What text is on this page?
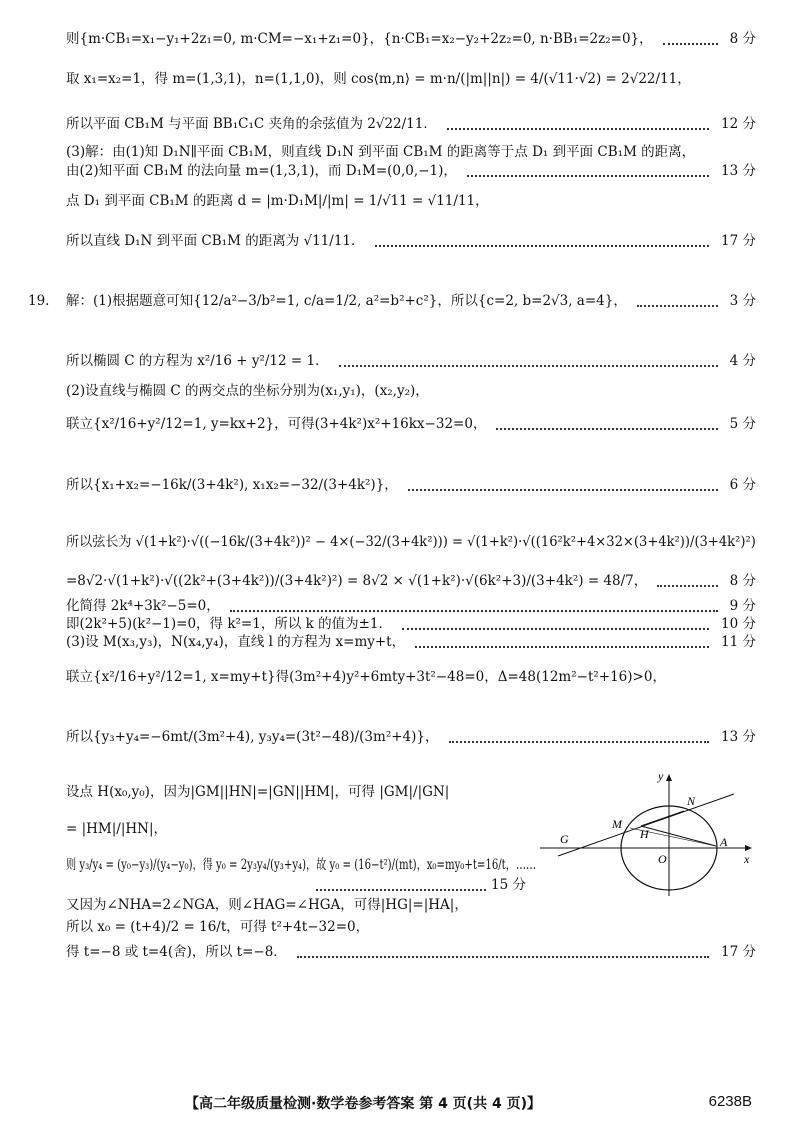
则{m·CB₁=x₁−y₁+2z₁=0, m·CM=−x₁+z₁=0}，{n·CB₁=x₂−y₂+2z₂=0, n·BB₁=2z₂=0}，	8 分
取 x₁=x₂=1，得 m=(1,3,1)，n=(1,1,0)，则 cos⟨m,n⟩ = m·n/(|m||n|) = 4/(√11·√2) = 2√22/11，
所以平面 CB₁M 与平面 BB₁C₁C 夹角的余弦值为 2√22/11．	12 分
(3)解：由(1)知 D₁N∥平面 CB₁M，则直线 D₁N 到平面 CB₁M 的距离等于点 D₁ 到平面 CB₁M 的距离，
由(2)知平面 CB₁M 的法向量 m=(1,3,1)，而 D₁M=(0,0,−1)，	13 分
点 D₁ 到平面 CB₁M 的距离 d = |m·D₁M|/|m| = 1/√11 = √11/11，
所以直线 D₁N 到平面 CB₁M 的距离为 √11/11．	17 分
19. 解：(1)根据题意可知{12/a²−3/b²=1, c/a=1/2, a²=b²+c²}，所以{c=2, b=2√3, a=4}，	3 分
所以椭圆 C 的方程为 x²/16 + y²/12 = 1．	4 分
(2)设直线与椭圆 C 的两交点的坐标分别为(x₁,y₁)，(x₂,y₂)，
联立{x²/16+y²/12=1, y=kx+2}，可得(3+4k²)x²+16kx−32=0，	5 分
所以{x₁+x₂=−16k/(3+4k²), x₁x₂=−32/(3+4k²)}，	6 分
所以弦长为 √(1+k²)·√((−16k/(3+4k²))² − 4×(−32/(3+4k²))) = √(1+k²)·√((16²k²+4×32×(3+4k²))/(3+4k²)²)
=8√2·√(1+k²)·√((2k²+(3+4k²))/(3+4k²)²) = 8√2 × √(1+k²)·√(6k²+3)/(3+4k²) = 48/7，	8 分
化简得 2k⁴+3k²−5=0，	9 分
即(2k²+5)(k²−1)=0，得 k²=1，所以 k 的值为±1．	10 分
(3)设 M(x₃,y₃)，N(x₄,y₄)，直线 l 的方程为 x=my+t，	11 分
联立{x²/16+y²/12=1, x=my+t}得(3m²+4)y²+6mty+3t²−48=0，Δ=48(12m²−t²+16)>0，
所以{y₃+y₄=−6mt/(3m²+4), y₃y₄=(3t²−48)/(3m²+4)}，	13 分
设点 H(x₀,y₀)，因为|GM||HN|=|GN||HM|，可得 |GM|/|GN|
= |HM|/|HN|，
则 y₃/y₄ = (y₀−y₃)/(y₄−y₀)，得 y₀ = 2y₃y₄/(y₃+y₄)，故 y₀ = (16−t²)/(mt)，x₀=my₀+t=16/t，……
15 分
又因为∠NHA=2∠NGA，则∠HAG=∠HGA，可得|HG|=|HA|，
所以 x₀ = (t+4)/2 = 16/t，可得 t²+4t−32=0，
得 t=−8 或 t=4(舍)，所以 t=−8．	17 分
y
x
N
M
G	H
O
A
【高二年级质量检测·数学卷参考答案 第 4 页(共 4 页)】	6238B
